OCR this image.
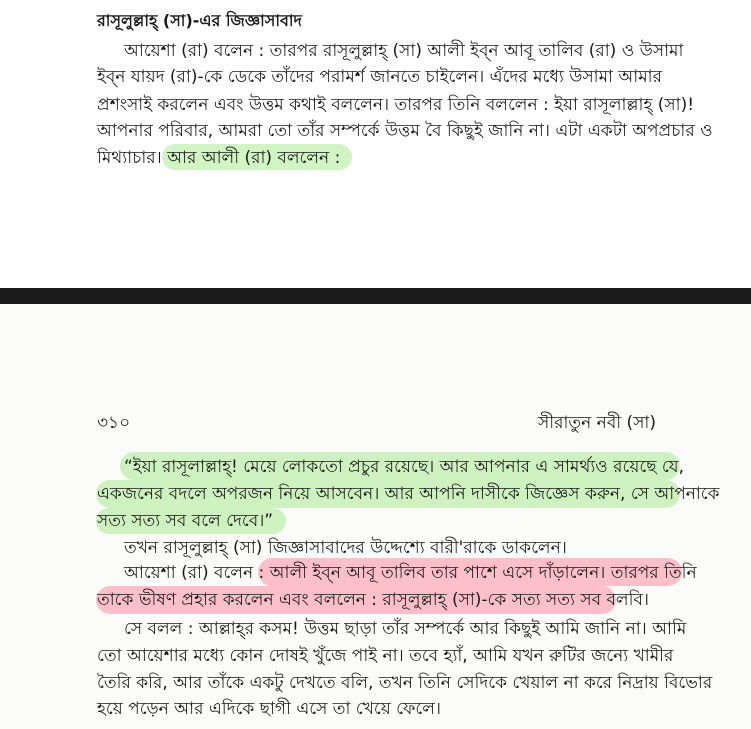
রাসূলুল্লাহ্‌ (সা)-এর জিজ্ঞাসাবাদ
আয়েশা (রা) বলেন : তারপর রাসূলুল্লাহ্‌ (সা) আলী ইব্‌ন আবূ তালিব (রা) ও উসামা
ইব্‌ন যায়দ (রা)-কে ডেকে তাঁদের পরামর্শ জানতে চাইলেন। এঁদের মধ্যে উসামা আমার
প্রশংসাই করলেন এবং উত্তম কথাই বললেন। তারপর তিনি বললেন : ইয়া রাসূলাল্লাহ্‌ (সা)!
আপনার পরিবার, আমরা তো তাঁর সম্পর্কে উত্তম বৈ কিছুই জানি না। এটা একটা অপপ্রচার ও
মিথ্যাচার। আর আলী (রা) বললেন :
৩১০	সীরাতুন নবী (সা)
“ইয়া রাসূলাল্লাহ্‌! মেয়ে লোকতো প্রচুর রয়েছে। আর আপনার এ সামর্থ্যও রয়েছে যে,
একজনের বদলে অপরজন নিয়ে আসবেন। আর আপনি দাসীকে জিজ্ঞেস করুন, সে আপনাকে
সত্য সত্য সব বলে দেবে।”
তখন রাসূলুল্লাহ্‌ (সা) জিজ্ঞাসাবাদের উদ্দেশ্যে বারী'রাকে ডাকলেন।
আয়েশা (রা) বলেন : আলী ইব্‌ন আবূ তালিব তার পাশে এসে দাঁড়ালেন। তারপর তিনি
তাকে ভীষণ প্রহার করলেন এবং বললেন : রাসূলুল্লাহ্‌ (সা)-কে সত্য সত্য সব বলবি।
সে বলল : আল্লাহ্‌র কসম! উত্তম ছাড়া তাঁর সম্পর্কে আর কিছুই আমি জানি না। আমি
তো আয়েশার মধ্যে কোন দোষই খুঁজে পাই না। তবে হ্যাঁ, আমি যখন রুটির জন্যে খামীর
তৈরি করি, আর তাঁকে একটু দেখতে বলি, তখন তিনি সেদিকে খেয়াল না করে নিদ্রায় বিভোর
হয়ে পড়েন আর এদিকে ছাগী এসে তা খেয়ে ফেলে।
